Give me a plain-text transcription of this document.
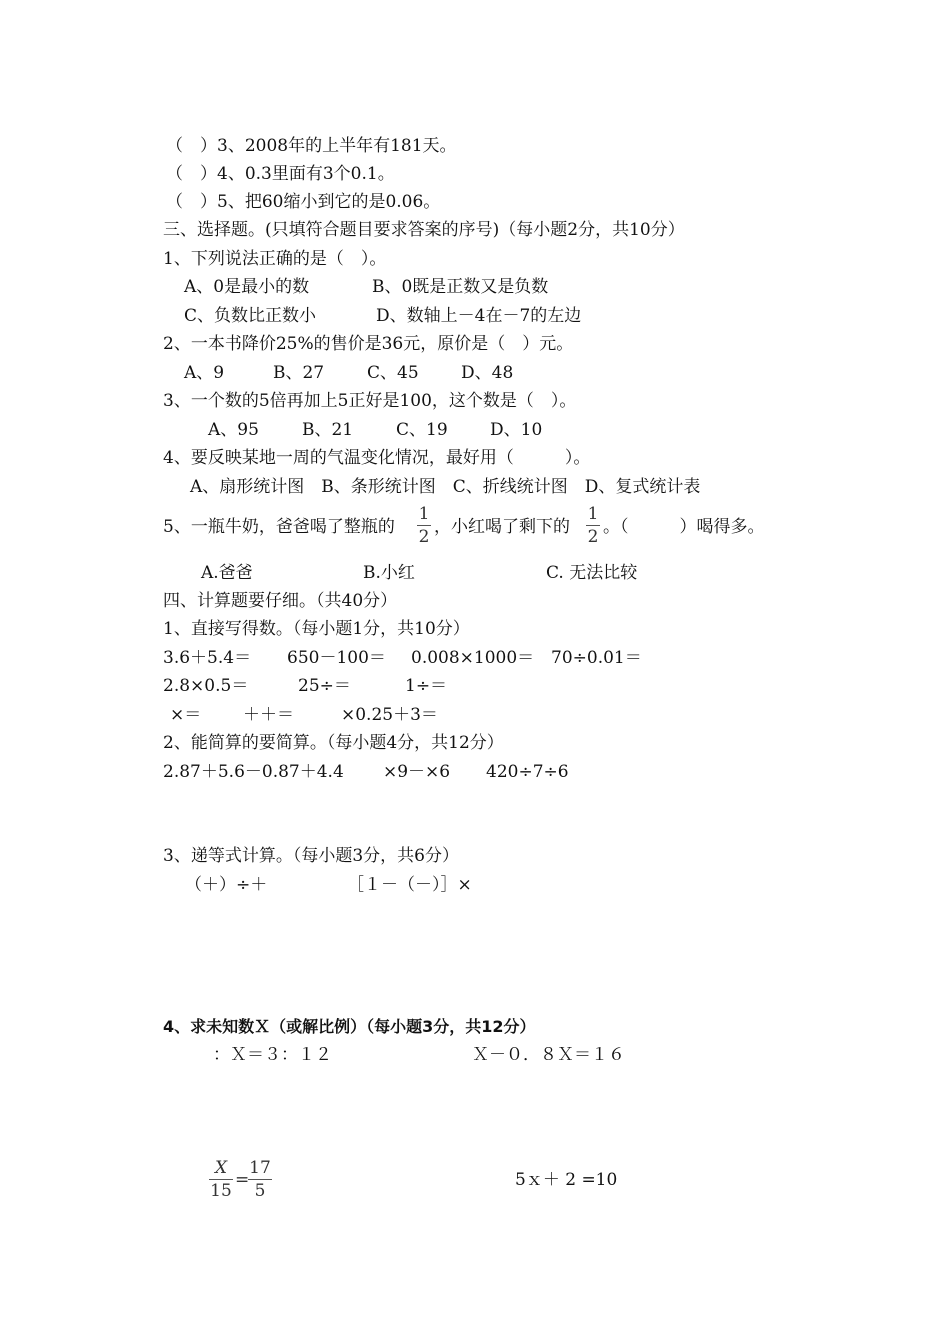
（　）3、2008年的上半年有181天。
（　）4、0.3里面有3个0.1。
（　）5、把60缩小到它的是0.06。
三、选择题。(只填符合题目要求答案的序号)（每小题2分，共10分）
1、下列说法正确的是（　）。
A、0是最小的数	B、0既是正数又是负数
C、负数比正数小	D、数轴上－4在－7的左边
2、一本书降价25%的售价是36元，原价是（　）元。
A、9	B、27	C、45 D、48
3、一个数的5倍再加上5正好是100，这个数是（　）。
A、95	B、21	C、19 D、10
4、要反映某地一周的气温变化情况，最好用（　　　）。
A、扇形统计图　B、条形统计图　C、折线统计图　D、复式统计表
5、一瓶牛奶，爸爸喝了整瓶的
1
2 ，小红喝了剩下的
1
2 。（　　　）喝得多。
A.爸爸	B.小红	C. 无法比较
四、计算题要仔细。（共40分）
1、直接写得数。（每小题1分，共10分）
3.6＋5.4＝ 650－100＝ 0.008×1000＝ 70÷0.01＝
2.8×0.5＝	25÷＝	1÷＝
×＝ ＋＋＝	×0.25＋3＝
2、能简算的要简算。（每小题4分，共12分）
2.87＋5.6－0.87＋4.4 ×9－×6 420÷7÷6
3、递等式计算。（每小题3分，共6分）
（＋）÷＋	［１－（－）］×
4、求未知数Ｘ（或解比例）（每小题3分，共12分）
：Ｘ＝３：１２	Ｘ－０．８Ｘ＝１６
X
15
=
17
5
5ｘ＋ 2 =10
